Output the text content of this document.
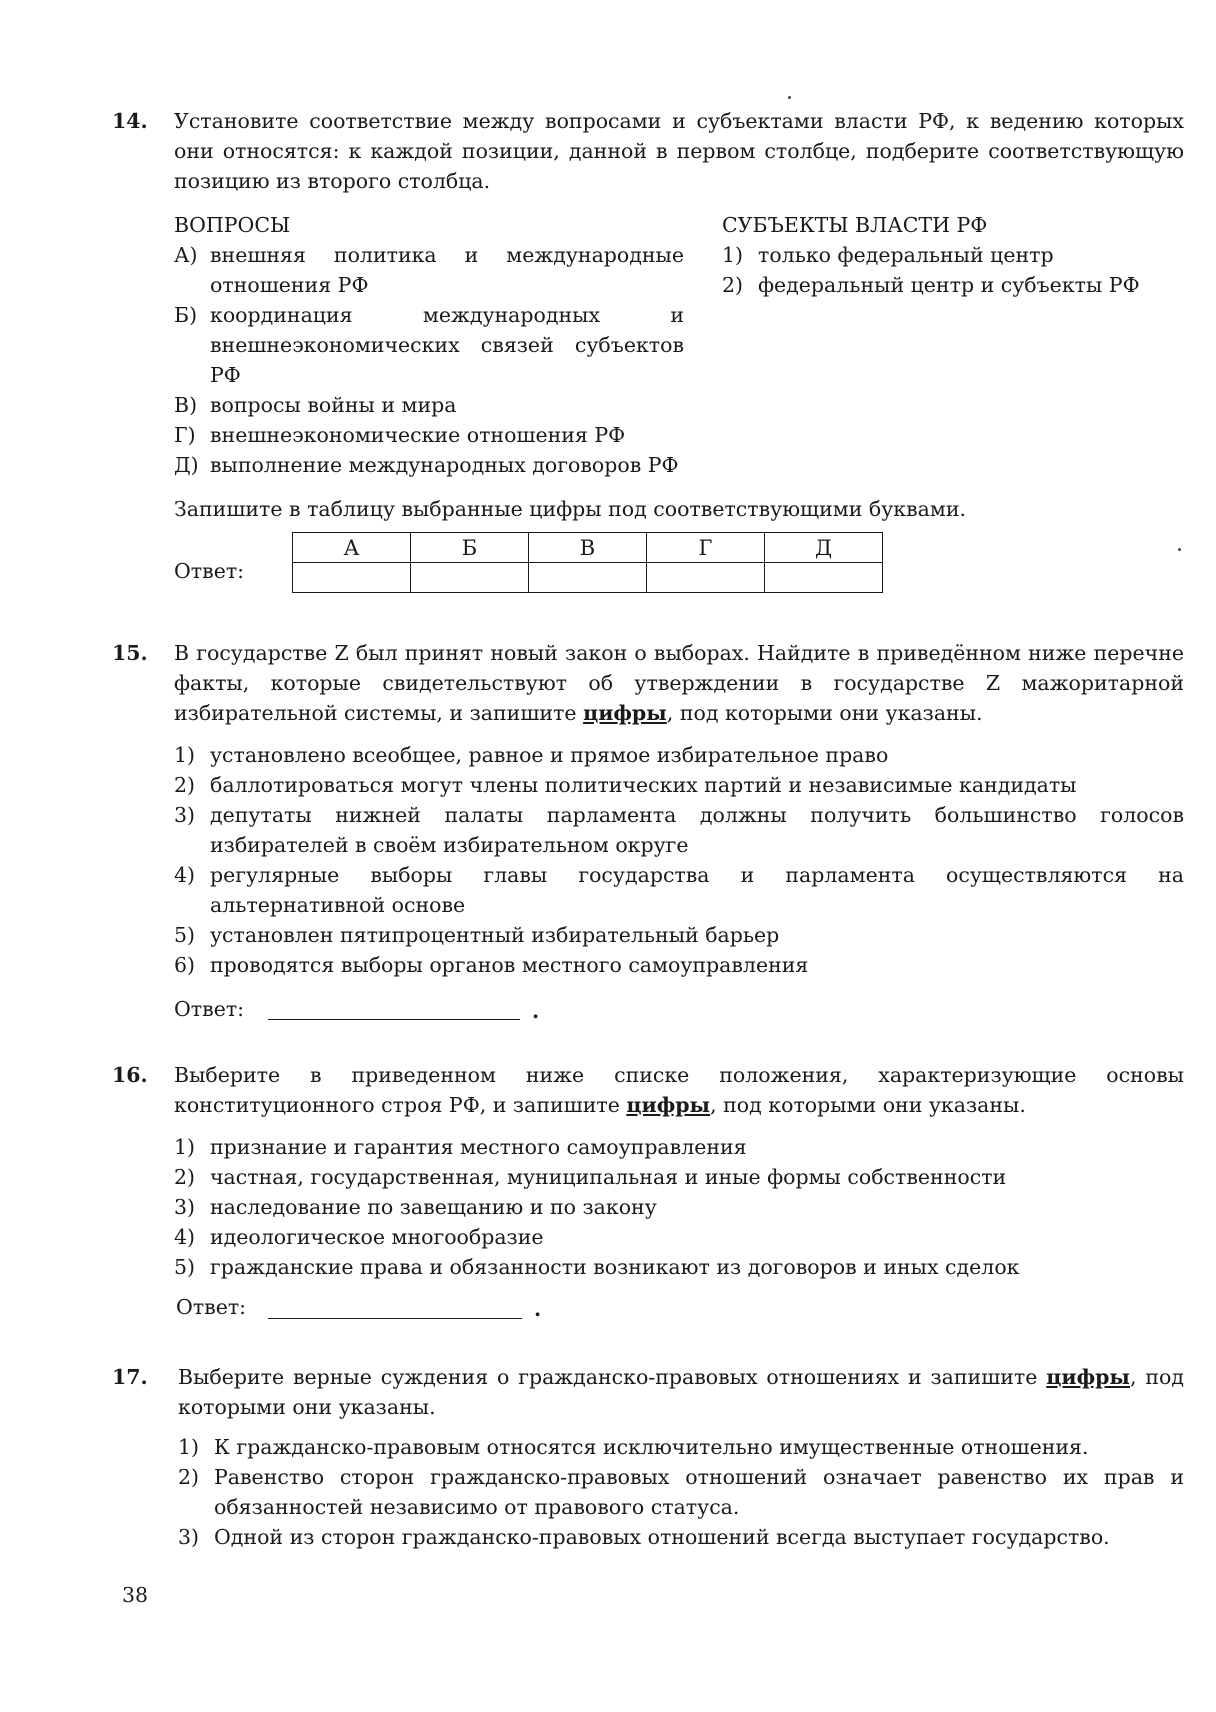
14. Установите соответствие между вопросами и субъектами власти РФ, к ведению которых они относятся: к каждой позиции, данной в первом столбце, подберите соответствующую позицию из второго столбца.
ВОПРОСЫ	СУБЪЕКТЫ ВЛАСТИ РФ
А) внешняя политика и международные отношения РФ
Б) координация международных и внешнеэкономических связей субъектов РФ
В) вопросы войны и мира
Г) внешнеэкономические отношения РФ
Д) выполнение международных договоров РФ
1) только федеральный центр
2) федеральный центр и субъекты РФ
Запишите в таблицу выбранные цифры под соответствующими буквами.
Ответ:
А	Б	В	Г	Д

15. В государстве Z был принят новый закон о выборах. Найдите в приведённом ниже перечне факты, которые свидетельствуют об утверждении в государстве Z мажоритарной избирательной системы, и запишите цифры, под которыми они указаны.
1) установлено всеобщее, равное и прямое избирательное право
2) баллотироваться могут члены политических партий и независимые кандидаты
3) депутаты нижней палаты парламента должны получить большинство голосов избирателей в своём избирательном округе
4) регулярные выборы главы государства и парламента осуществляются на альтернативной основе
5) установлен пятипроцентный избирательный барьер
6) проводятся выборы органов местного самоуправления
Ответ:	.
16. Выберите в приведенном ниже списке положения, характеризующие основы конституционного строя РФ, и запишите цифры, под которыми они указаны.
1) признание и гарантия местного самоуправления
2) частная, государственная, муниципальная и иные формы собственности
3) наследование по завещанию и по закону
4) идеологическое многообразие
5) гражданские права и обязанности возникают из договоров и иных сделок
Ответ:	.
17. Выберите верные суждения о гражданско-правовых отношениях и запишите цифры, под которыми они указаны.
1) К гражданско-правовым относятся исключительно имущественные отношения.
2) Равенство сторон гражданско-правовых отношений означает равенство их прав и обязанностей независимо от правового статуса.
3) Одной из сторон гражданско-правовых отношений всегда выступает государство.
38
